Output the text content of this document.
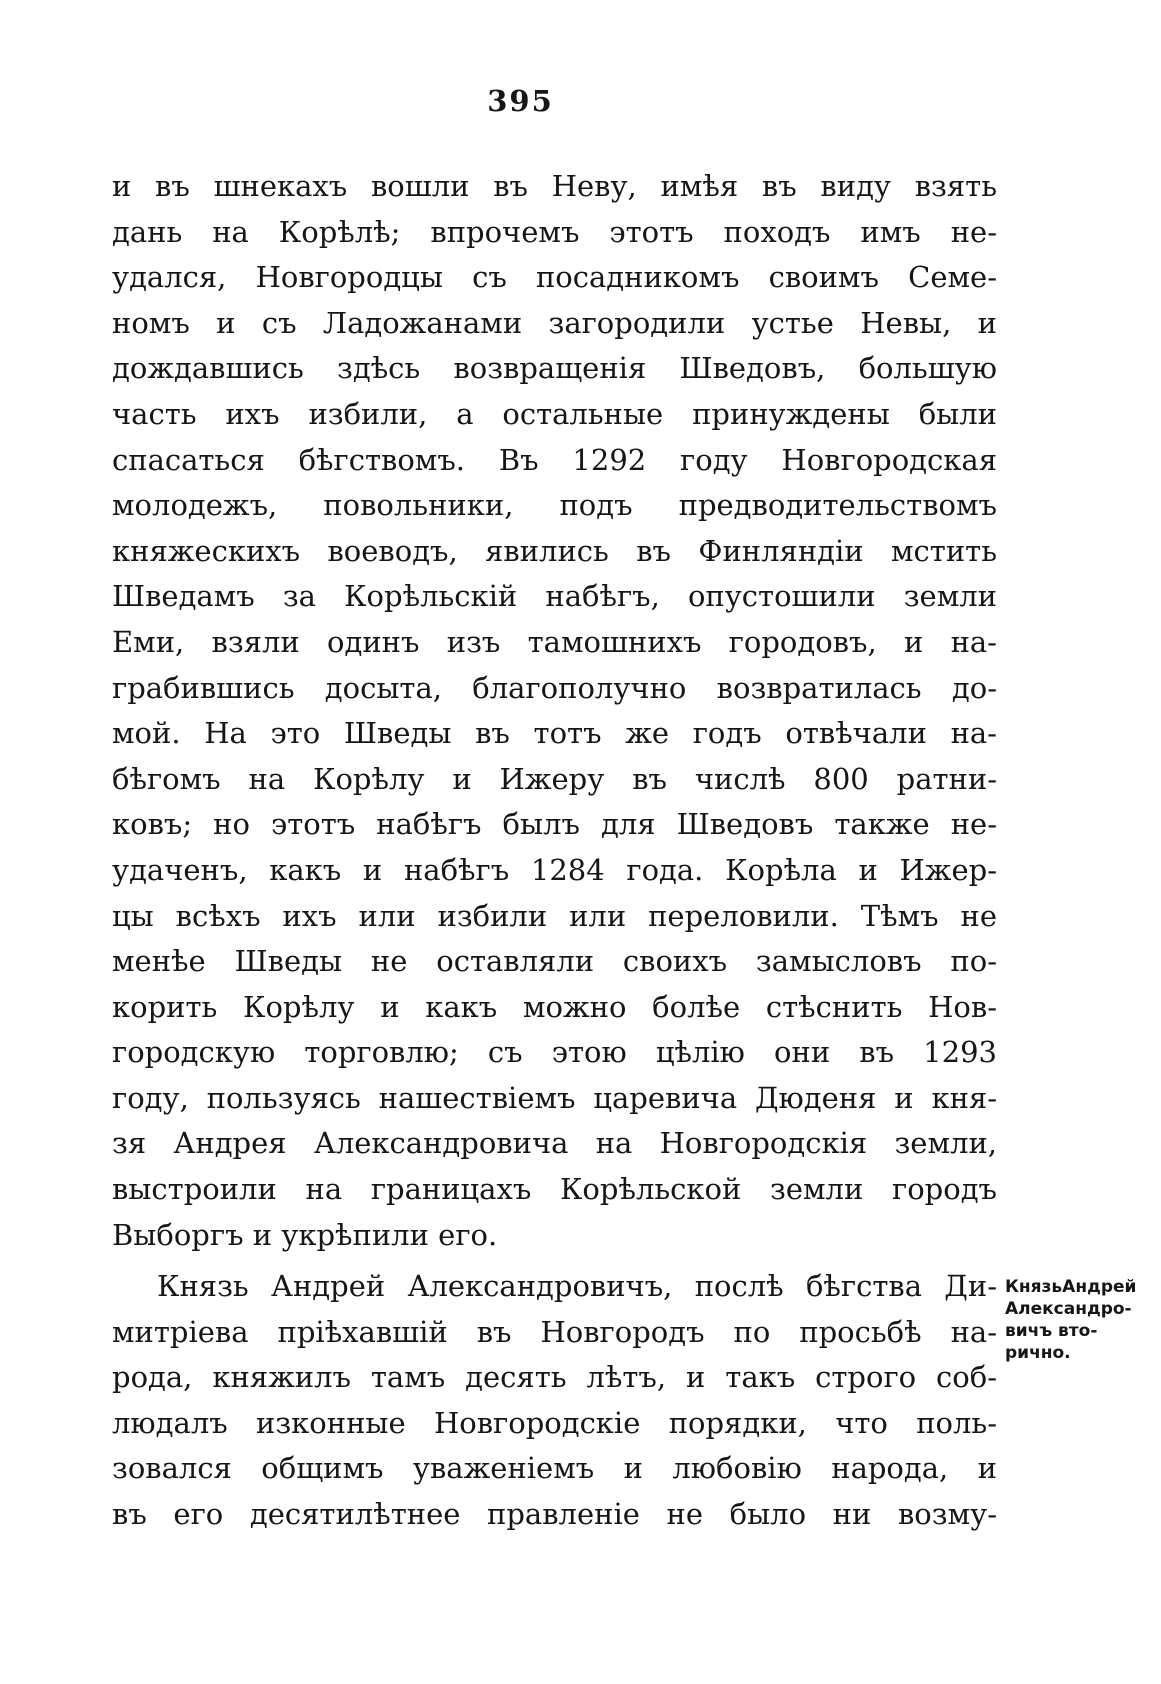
395
и въ шнекахъ вошли въ Неву, имѣя въ виду взять
дань на Корѣлѣ; впрочемъ этотъ походъ имъ не-
удался, Новгородцы съ посадникомъ своимъ Семе-
номъ и съ Ладожанами загородили устье Невы, и
дождавшись здѣсь возвращенія Шведовъ, большую
часть ихъ избили, а остальные принуждены были
спасаться бѣгствомъ. Въ 1292 году Новгородская
молодежъ, повольники, подъ предводительствомъ
княжескихъ воеводъ, явились въ Финляндіи мстить
Шведамъ за Корѣльскій набѣгъ, опустошили земли
Еми, взяли одинъ изъ тамошнихъ городовъ, и на-
грабившись досыта, благополучно возвратилась до-
мой. На это Шведы въ тотъ же годъ отвѣчали на-
бѣгомъ на Корѣлу и Ижеру въ числѣ 800 ратни-
ковъ; но этотъ набѣгъ былъ для Шведовъ также не-
удаченъ, какъ и набѣгъ 1284 года. Корѣла и Ижер-
цы всѣхъ ихъ или избили или переловили. Тѣмъ не
менѣе Шведы не оставляли своихъ замысловъ по-
корить Корѣлу и какъ можно болѣе стѣснить Нов-
городскую торговлю; съ этою цѣлію они въ 1293
году, пользуясь нашествіемъ царевича Дюденя и кня-
зя Андрея Александровича на Новгородскія земли,
выстроили на границахъ Корѣльской земли городъ
Выборгъ и укрѣпили его.
Князь Андрей Александровичъ, послѣ бѣгства Ди-
митріева пріѣхавшій въ Новгородъ по просьбѣ на-
рода, княжилъ тамъ десять лѣтъ, и такъ строго соб-
людалъ изконные Новгородскіе порядки, что поль-
зовался общимъ уваженіемъ и любовію народа, и
въ его десятилѣтнее правленіе не было ни возму-
КнязьАндрей
Александро-
вичъ вто-
рично.
